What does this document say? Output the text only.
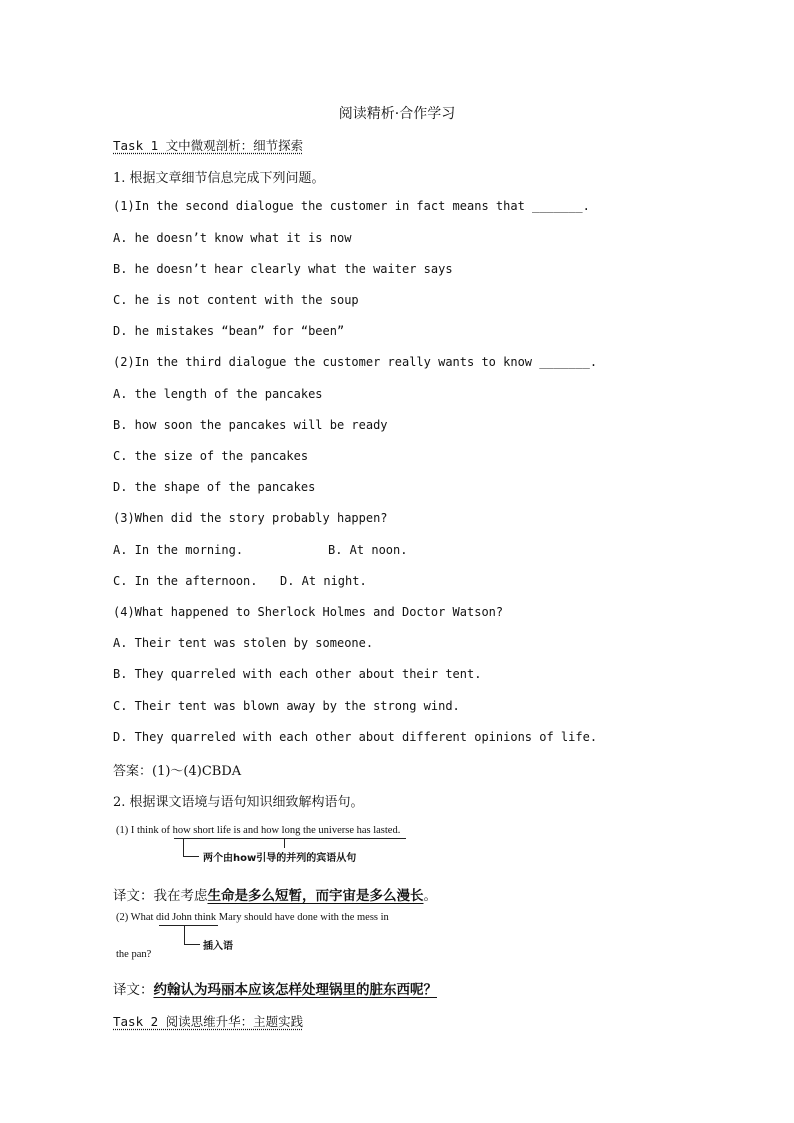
阅读精析·合作学习
Task 1 文中微观剖析：细节探索
1. 根据文章细节信息完成下列问题。
(1)In the second dialogue the customer in fact means that _______.
A. he doesn’t know what it is now
B. he doesn’t hear clearly what the waiter says
C. he is not content with the soup
D. he mistakes “bean” for “been”
(2)In the third dialogue the customer really wants to know _______.
A. the length of the pancakes
B. how soon the pancakes will be ready
C. the size of the pancakes
D. the shape of the pancakes
(3)When did the story probably happen?
A. In the morning.	B. At noon.
C. In the afternoon. D. At night.
(4)What happened to Sherlock Holmes and Doctor Watson?
A. Their tent was stolen by someone.
B. They quarreled with each other about their tent.
C. Their tent was blown away by the strong wind.
D. They quarreled with each other about different opinions of life.
答案：(1)～(4)CBDA
2. 根据课文语境与语句知识细致解构语句。
(1) I think of how short life is and how long the universe has lasted.
两个由how引导的并列的宾语从句
译文：我在考虑生命是多么短暂，而宇宙是多么漫长。
(2) What did John think Mary should have done with the mess in
插入语
the pan?
译文：约翰认为玛丽本应该怎样处理锅里的脏东西呢？
Task 2 阅读思维升华：主题实践
